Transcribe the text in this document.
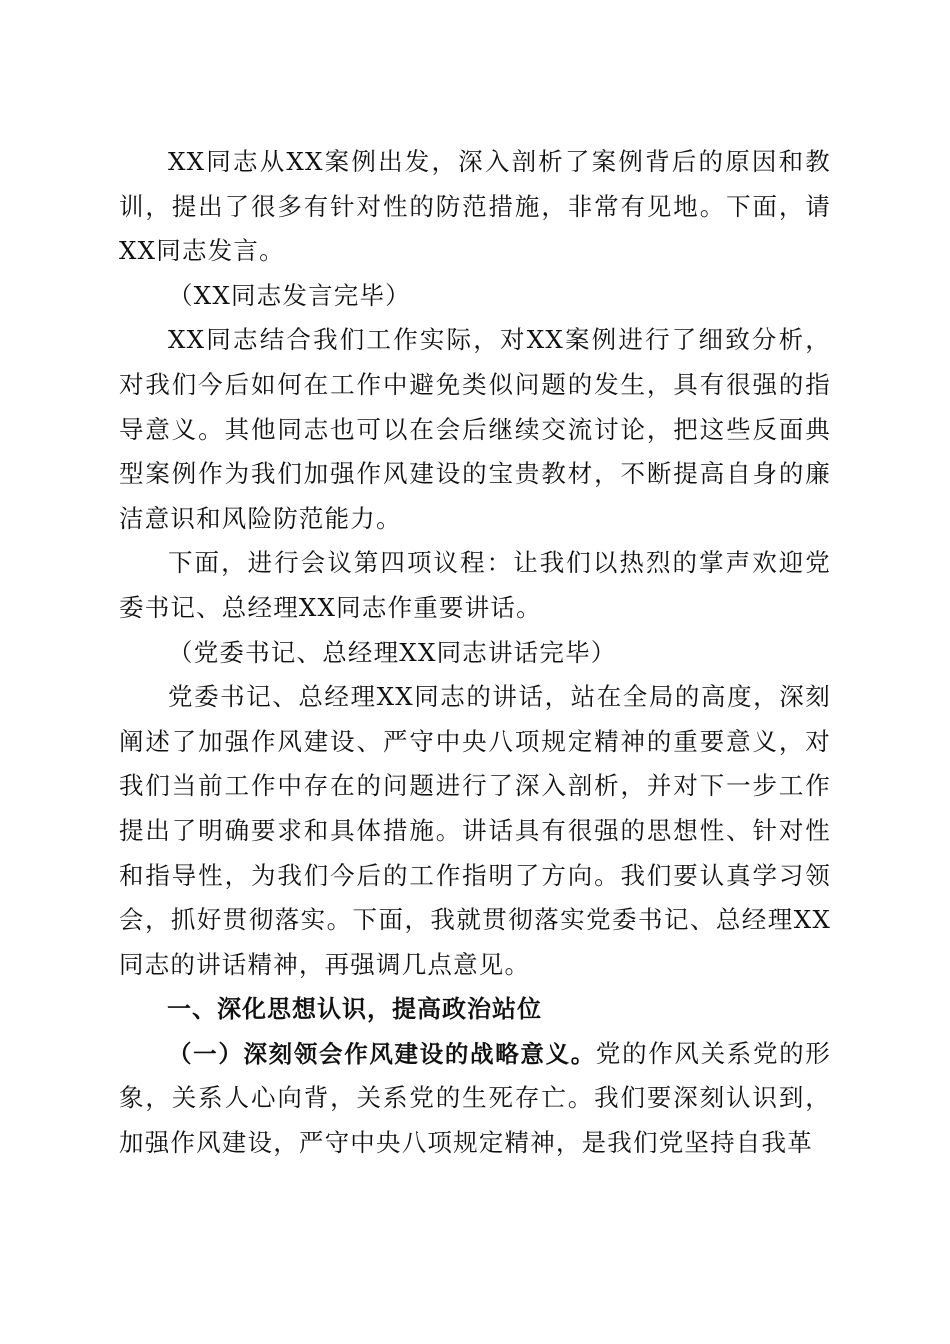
XX同志从XX案例出发，深入剖析了案例背后的原因和教训，提出了很多有针对性的防范措施，非常有见地。下面，请XX同志发言。

（XX同志发言完毕）

XX同志结合我们工作实际，对XX案例进行了细致分析，对我们今后如何在工作中避免类似问题的发生，具有很强的指导意义。其他同志也可以在会后继续交流讨论，把这些反面典型案例作为我们加强作风建设的宝贵教材，不断提高自身的廉洁意识和风险防范能力。

下面，进行会议第四项议程：让我们以热烈的掌声欢迎党委书记、总经理XX同志作重要讲话。

（党委书记、总经理XX同志讲话完毕）

党委书记、总经理XX同志的讲话，站在全局的高度，深刻阐述了加强作风建设、严守中央八项规定精神的重要意义，对我们当前工作中存在的问题进行了深入剖析，并对下一步工作提出了明确要求和具体措施。讲话具有很强的思想性、针对性和指导性，为我们今后的工作指明了方向。我们要认真学习领会，抓好贯彻落实。下面，我就贯彻落实党委书记、总经理XX同志的讲话精神，再强调几点意见。

一、深化思想认识，提高政治站位

（一）深刻领会作风建设的战略意义。党的作风关系党的形象，关系人心向背，关系党的生死存亡。我们要深刻认识到，加强作风建设，严守中央八项规定精神，是我们党坚持自我革
